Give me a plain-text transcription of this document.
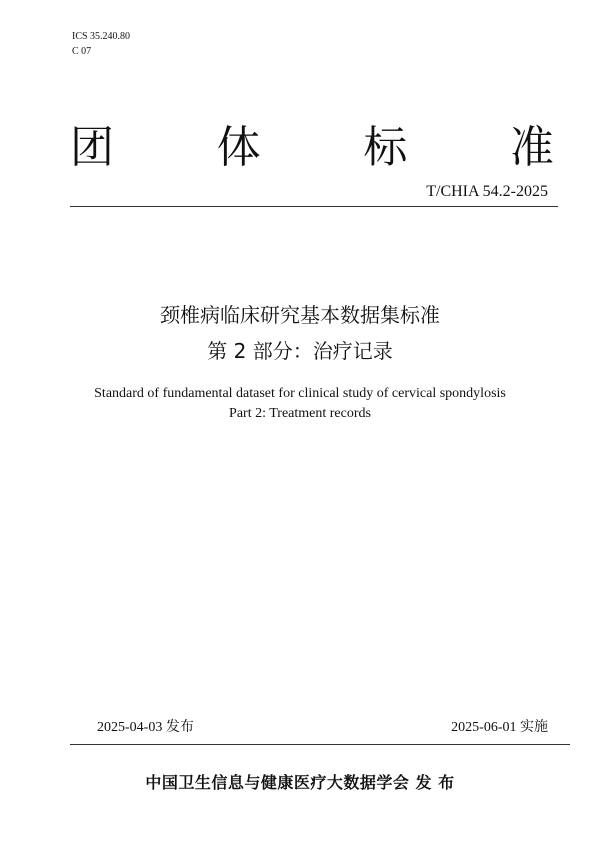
ICS 35.240.80
C 07
团 体 标 准
T/CHIA 54.2-2025
颈椎病临床研究基本数据集标准
第 2 部分：治疗记录
Standard of fundamental dataset for clinical study of cervical spondylosis
Part 2: Treatment records
2025-04-03 发布	2025-06-01 实施
中国卫生信息与健康医疗大数据学会 发 布
